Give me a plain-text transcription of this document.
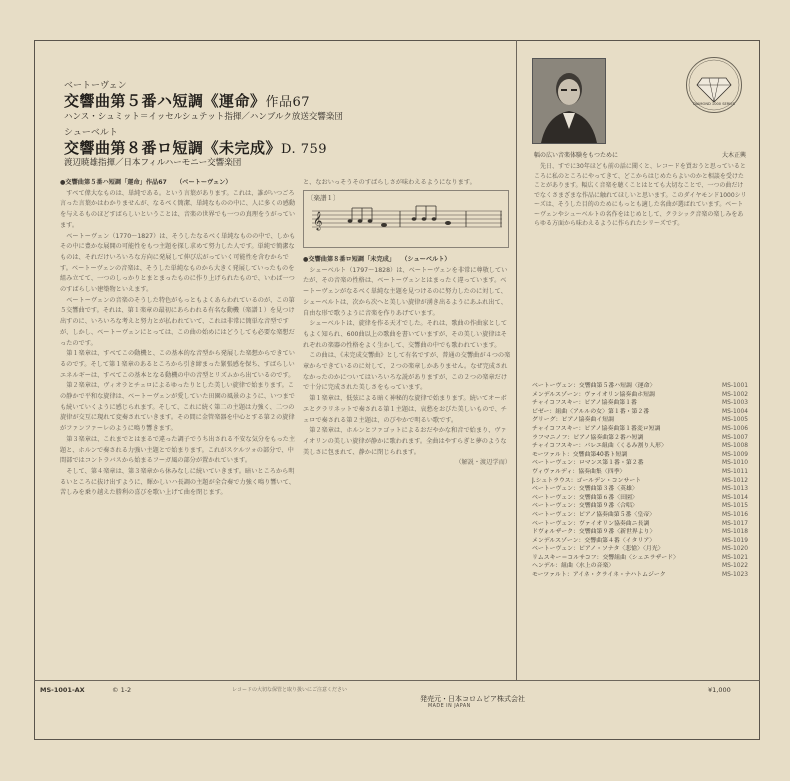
ベートーヴェン
交響曲第５番ハ短調《運命》作品67
ハンス・シュミット＝イッセルシュテット指揮／ハンブルク放送交響楽団
シューベルト
交響曲第８番ロ短調《未完成》D. 759
渡辺暁雄指揮／日本フィルハーモニー交響楽団

●交響曲第５番ハ短調「運命」作品67　　（ベートーヴェン）

すべて偉大なものは、単純である。という言葉があります。これは、誰がいつごろ言った言葉かはわかりませんが、なるべく簡潔、単純なものの中に、人に多くの感動を与えるものほどすばらしいということは、音楽の世界でも一つの真理をうがっています。

ベートーヴェン（1770～1827）は、そうしたなるべく単純なものの中で、しかもその中に豊かな展開の可能性をもつ主題を探し求めて努力した人です。単純で簡潔なものは、それだけいろいろな方向に発展して伸び広がっていく可能性を含むからです。ベートーヴェンの音楽は、そうした単純なものから大きく発展していったものを組み立てて、一つのしっかりとまとまったものに作り上げられたもので、いわば一つのすばらしい建築物といえます。

ベートーヴェンの音楽のそうした特色がもっともよくあらわれているのが、この第５交響曲です。それは、第１楽章の最初にあらわれる有名な動機（楽譜１）を見つけ出すのに、いろいろな考えと努力とが払われていて、これは非常に簡単な音型ですが、しかし、ベートーヴェンにとっては、この曲の始めにはどうしても必要な楽想だったのです。

第１楽章は、すべてこの動機と、この基本的な音型から発展した楽想からできているのです。そして第１楽章のあるところから引き締まった緊張感を保ち、すばらしいエネルギーは、すべてこの基本となる動機の中の音型とリズムから出ているのです。

第２楽章は、ヴィオラとチェロによるゆったりとした美しい旋律で始まります。この静かで平和な旋律は、ベートーヴェンが愛していた田園の風景のように、いつまでも続いていくように感じられます。そして、これに続く第二の主題は力強く、二つの旋律が交互に現れて変奏されていきます。その間に金管楽器を中心とする第２の旋律がファンファーレのように鳴り響きます。

第３楽章は、これまでとはまるで違った調子でうち出される不安な気分をもった主題と、ホルンで奏される力強い主題とで始まります。これがスケルツォの部分で、中間部ではコントラバスから始まるフーガ風の部分が置かれています。

そして、第４楽章は、第３楽章から休みなしに続いていきます。暗いところから明るいところに抜け出すように、輝かしいハ長調の主題が全合奏で力強く鳴り響いて、苦しみを乗り越えた勝利の喜びを歌い上げて曲を閉じます。

と、なおいっそうそのすばらしさが味わえるようになります。

〔楽譜１〕
𝄞

●交響曲第８番ロ短調「未完成」　　（シューベルト）

シューベルト（1797～1828）は、ベートーヴェンを非常に尊敬していたが、その音楽の性格は、ベートーヴェンとはまったく違っています。ベートーヴェンがなるべく単純な主題を見つけるのに努力したのに対して、シューベルトは、次から次へと美しい旋律が湧き出るようにあふれ出て、自由な形で歌うように音楽を作りあげています。

シューベルトは、旋律を作る天才でした。それは、歌曲の作曲家としてもよく知られ、600曲以上の歌曲を書いていますが、その美しい旋律はそれぞれの楽器の性格をよく生かして、交響曲の中でも歌われています。

この曲は、《未完成交響曲》として有名ですが、普通の交響曲が４つの楽章からできているのに対して、２つの楽章しかありません。なぜ完成されなかったのかについてはいろいろな説がありますが、この２つの楽章だけで十分に完成された美しさをもっています。

第１楽章は、低弦による暗く神秘的な旋律で始まります。続いてオーボエとクラリネットで奏される第１主題は、哀愁をおびた美しいもので、チェロで奏される第２主題は、のびやかで明るい歌です。

第２楽章は、ホルンとファゴットによるおだやかな和音で始まり、ヴァイオリンの美しい旋律が静かに歌われます。全曲はやすらぎと夢のような美しさに包まれて、静かに閉じられます。

（解説・渡辺学而）

DIAMOND 1000 SERIES
幅の広い音楽体験をもつために	大木正興

先日、すでに30年ほども前の話に聞くと、レコードを買おうと思っているところに私のところにやってきて、どこからはじめたらよいのかと相談を受けたことがあります。幅広く音楽を聴くことはとても大切なことで、一つの曲だけでなくさまざまな作品に触れてほしいと思います。このダイヤモンド1000シリーズは、そうした目的のためにもっとも適した名曲が選ばれています。ベートーヴェンやシューベルトの名作をはじめとして、クラシック音楽の楽しみをあらゆる方面から味わえるように作られたシリーズです。

ベートーヴェン：交響曲第５番ハ短調〈運命〉	MS-1001
メンデルスゾーン：ヴァイオリン協奏曲ホ短調	MS-1002
チャイコフスキー：ピアノ協奏曲第１番	MS-1003
ビゼー：組曲〈アルルの女〉第１番・第２番	MS-1004
グリーグ：ピアノ協奏曲イ短調	MS-1005
チャイコフスキー：ピアノ協奏曲第１番変ロ短調	MS-1006
ラフマニノフ：ピアノ協奏曲第２番ハ短調	MS-1007
チャイコフスキー：バレエ組曲〈くるみ割り人形〉	MS-1008
モーツァルト：交響曲第40番ト短調	MS-1009
ベートーヴェン：ロマンス第１番・第２番	MS-1010
ヴィヴァルディ：協奏曲集〈四季〉	MS-1011
J.シュトラウス：ゴールデン・コンサート	MS-1012
ベートーヴェン：交響曲第３番〈英雄〉	MS-1013
ベートーヴェン：交響曲第６番〈田園〉	MS-1014
ベートーヴェン：交響曲第９番〈合唱〉	MS-1015
ベートーヴェン：ピアノ協奏曲第５番〈皇帝〉	MS-1016
ベートーヴェン：ヴァイオリン協奏曲ニ長調	MS-1017
ドヴォルザーク：交響曲第９番〈新世界より〉	MS-1018
メンデルスゾーン：交響曲第４番〈イタリア〉	MS-1019
ベートーヴェン：ピアノ・ソナタ〈悲愴〉〈月光〉	MS-1020
リムスキー＝コルサコフ：交響組曲〈シェエラザード〉	MS-1021
ヘンデル：組曲〈水上の音楽〉	MS-1022
モーツァルト：アイネ・クライネ・ナハトムジーク	MS-1023
MS-1001-AX	© 1-2	レコードの大切な保管と取り扱いにご注意ください	¥1,000
発売元・日本コロムビア株式会社
MADE IN JAPAN
